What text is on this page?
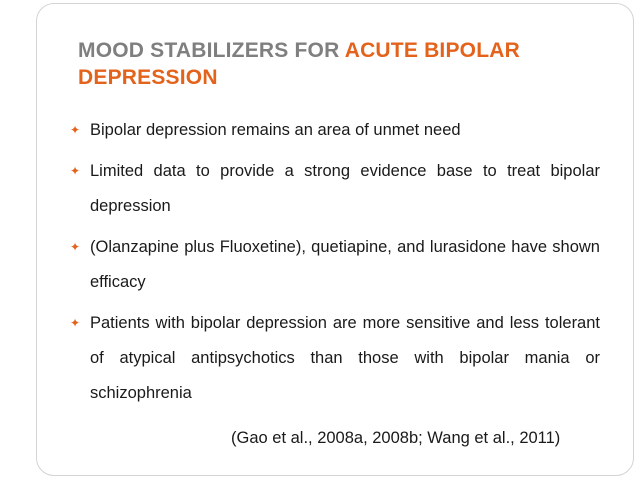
MOOD STABILIZERS FOR ACUTE BIPOLAR DEPRESSION
✦ Bipolar depression remains an area of unmet need
✦ Limited data to provide a strong evidence base to treat bipolar depression
✦ (Olanzapine plus Fluoxetine), quetiapine, and lurasidone have shown efficacy
✦ Patients with bipolar depression are more sensitive and less tolerant of atypical antipsychotics than those with bipolar mania or schizophrenia
(Gao et al., 2008a, 2008b; Wang et al., 2011)
